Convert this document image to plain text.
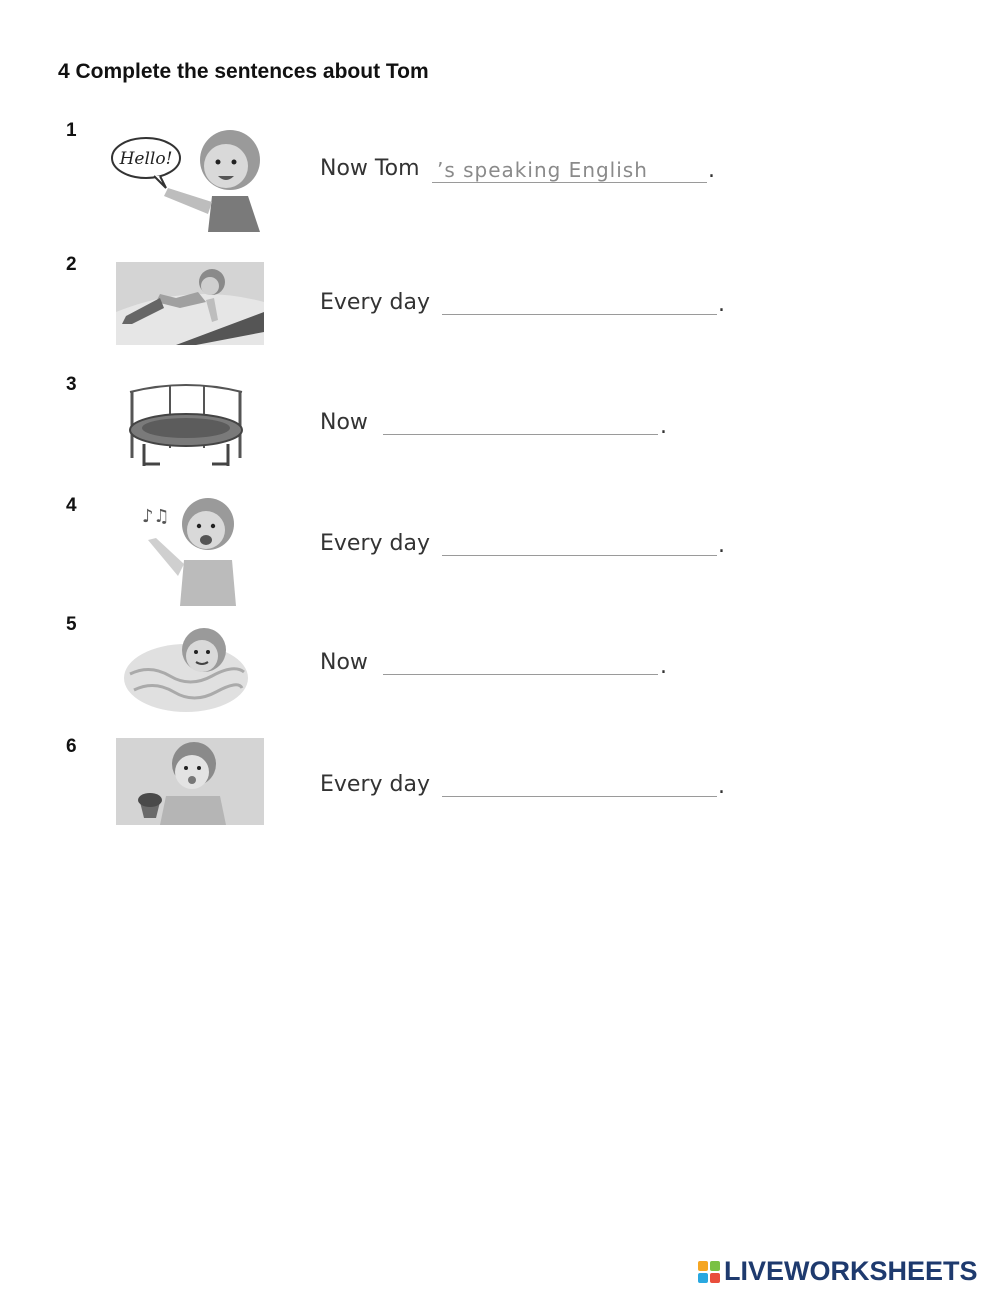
4 Complete the sentences about Tom
1
Hello!	Now Tom ’s speaking English	.
2
Every day	.
3
Now	.
4
♪♫
Every day	.
5
Now	.
6
Every day	.
LIVEWORKSHEETS
